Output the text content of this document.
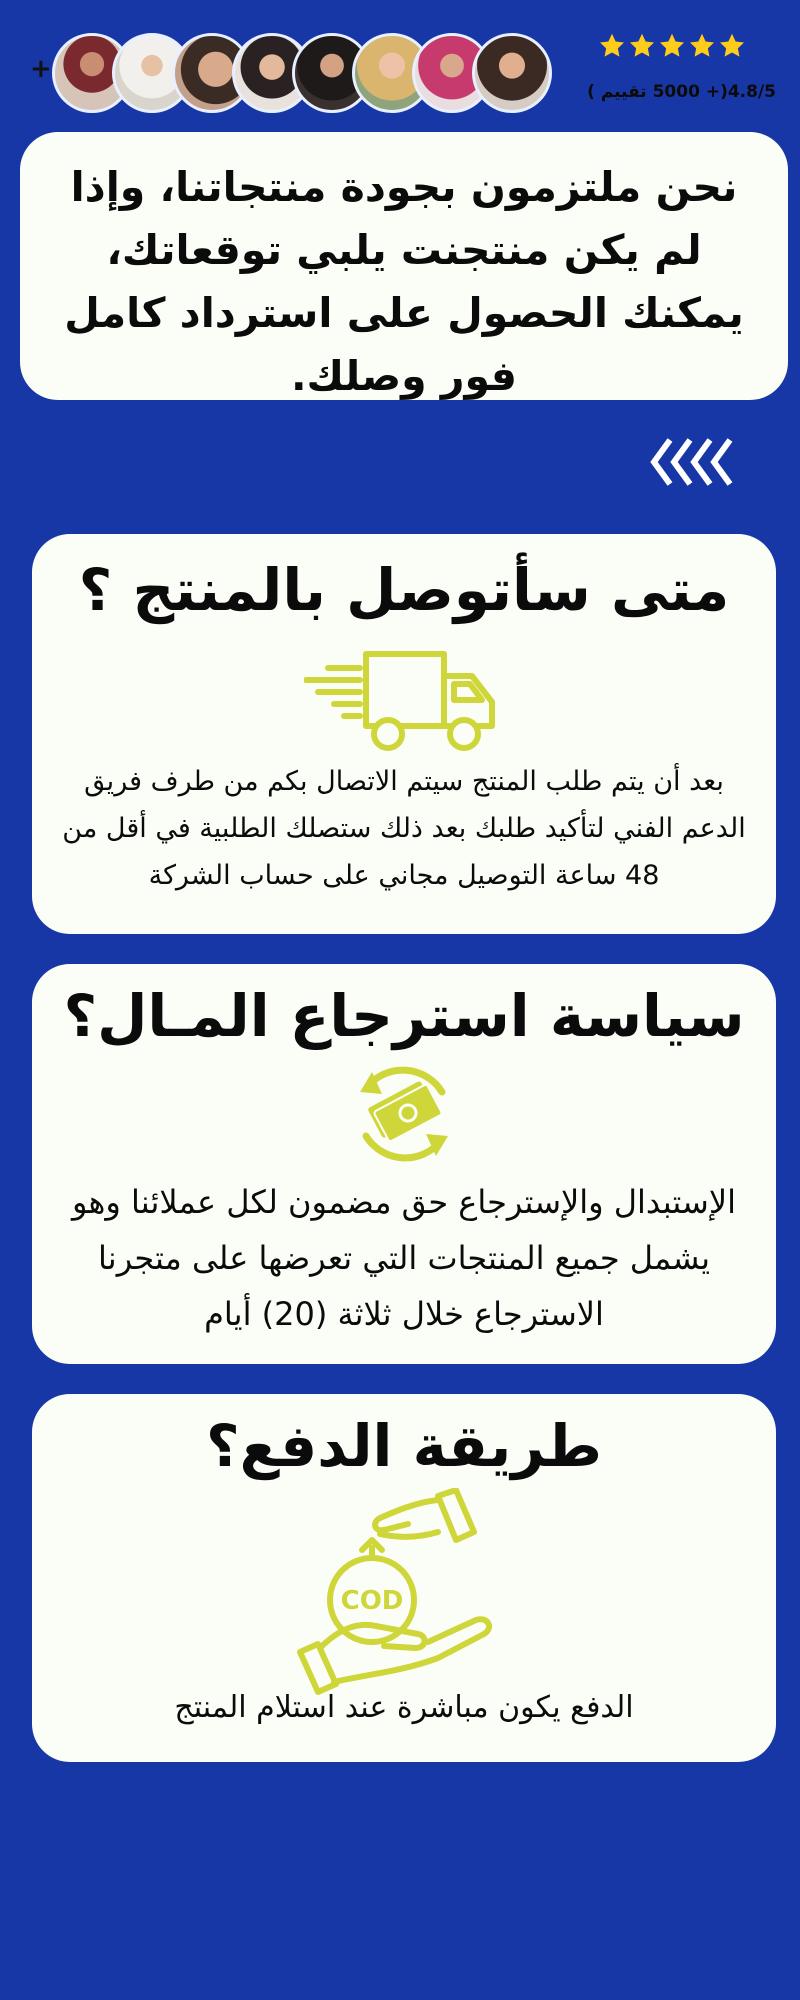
+
4.8/5(+ 5000 تقييم )
نحن ملتزمون بجودة منتجاتنا، وإذا لم يكن منتجنت يلبي توقعاتك، يمكنك الحصول على استرداد كامل فور وصلك.
متى سأتوصل بالمنتج ؟
بعد أن يتم طلب المنتج سيتم الاتصال بكم من طرف فريق الدعم الفني لتأكيد طلبك بعد ذلك ستصلك الطلبية في أقل من 48 ساعة التوصيل مجاني على حساب الشركة
سياسة استرجاع المـال؟
الإستبدال والإسترجاع حق مضمون لكل عملائنا وهو يشمل جميع المنتجات التي تعرضها على متجرنا الاسترجاع خلال ثلاثة (20) أيام
طريقة الدفع؟
COD
الدفع يكون مباشرة عند استلام المنتج
